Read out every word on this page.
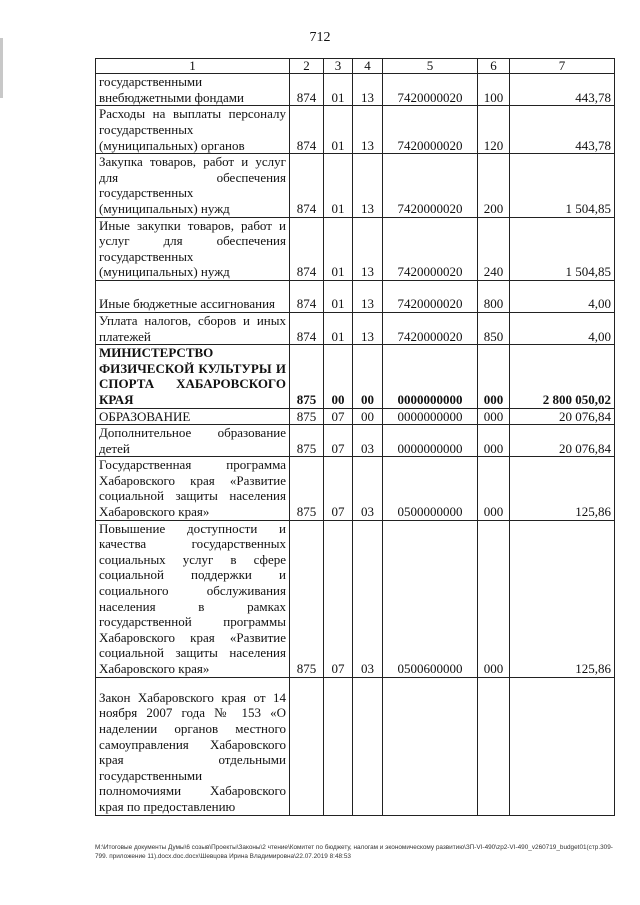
712
1	2	3	4	5	6	7
государственными внебюджетными фондами	874	01	13	7420000020	100	443,78
Расходы на выплаты персоналу государственных (муниципальных) органов	874	01	13	7420000020	120	443,78
Закупка товаров, работ и услуг для обеспечения государственных (муниципальных) нужд	874	01	13	7420000020	200	1 504,85
Иные закупки товаров, работ и услуг для обеспечения государственных (муниципальных) нужд	874	01	13	7420000020	240	1 504,85
Иные бюджетные ассигнования	874	01	13	7420000020	800	4,00
Уплата налогов, сборов и иных платежей	874	01	13	7420000020	850	4,00
МИНИСТЕРСТВО ФИЗИЧЕСКОЙ КУЛЬТУРЫ И СПОРТА ХАБАРОВСКОГО КРАЯ	875	00	00	0000000000	000	2 800 050,02
ОБРАЗОВАНИЕ	875	07	00	0000000000	000	20 076,84
Дополнительное образование детей	875	07	03	0000000000	000	20 076,84
Государственная программа Хабаровского края «Развитие социальной защиты населения Хабаровского края»	875	07	03	0500000000	000	125,86
Повышение доступности и качества государственных социальных услуг в сфере социальной поддержки и социального обслуживания населения в рамках государственной программы Хабаровского края «Развитие социальной защиты населения Хабаровского края»	875	07	03	0500600000	000	125,86
Закон Хабаровского края от 14 ноября 2007 года № 153 «О наделении органов местного самоуправления Хабаровского края отдельными государственными полномочиями Хабаровского края по предоставлению						
M:\Итоговые документы Думы\6 созыв\Проекты\Законы\2 чтение\Комитет по бюджету, налогам и экономическому развитию\ЗП-VI-490\zp2-VI-490_v260719_budget01(стр.309-799. приложение 11).docx.doc.docx\Шевцова Ирина Владимировна\22.07.2019 8:48:53
